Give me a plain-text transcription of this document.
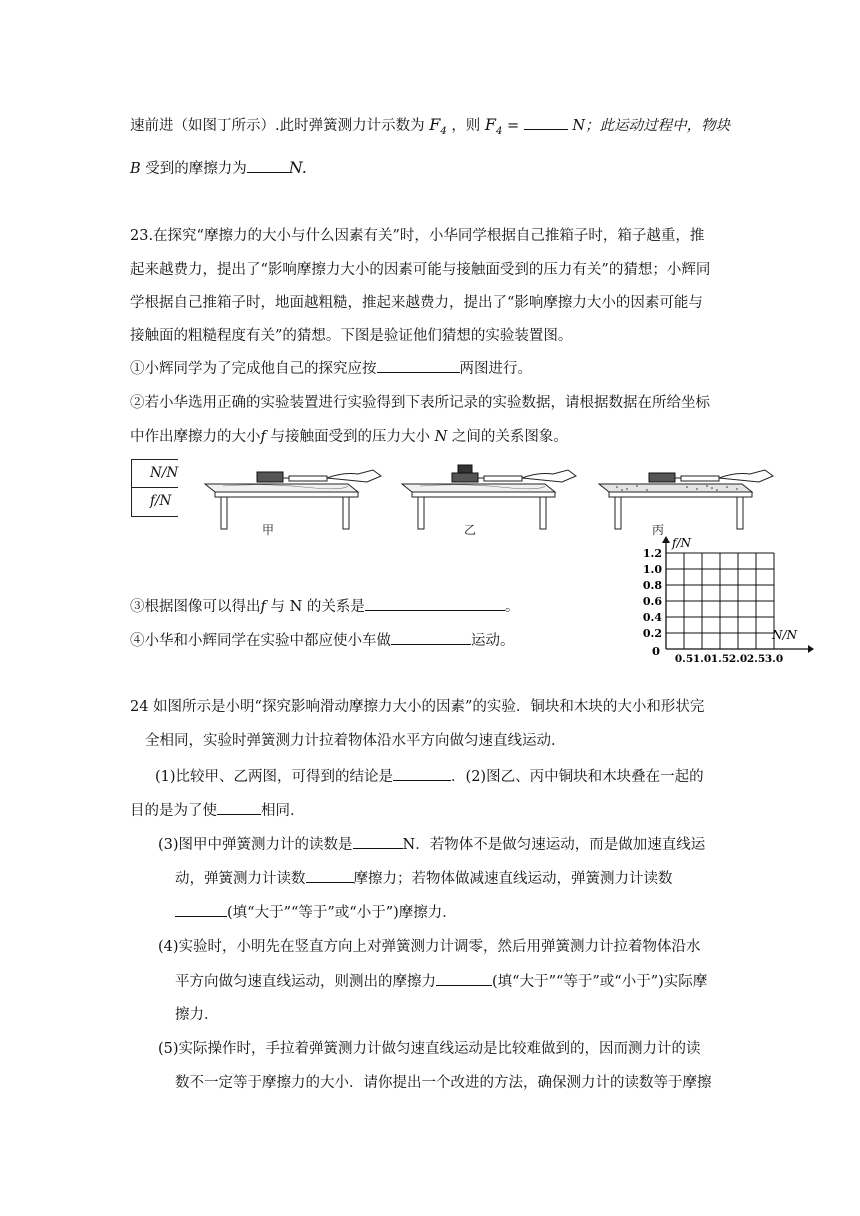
速前进（如图丁所示）.此时弹簧测力计示数为 $F_4$ ，则 $F_4$ =	N；此运动过程中，物块
B 受到的摩擦力为	N.
23.在探究“摩擦力的大小与什么因素有关”时，小华同学根据自己推箱子时，箱子越重，推
起来越费力，提出了“影响摩擦力大小的因素可能与接触面受到的压力有关”的猜想；小辉同
学根据自己推箱子时，地面越粗糙，推起来越费力，提出了“影响摩擦力大小的因素可能与
接触面的粗糙程度有关”的猜想。下图是验证他们猜想的实验装置图。
①小辉同学为了完成他自己的探究应按	两图进行。
②若小华选用正确的实验装置进行实验得到下表所记录的实验数据，请根据数据在所给坐标
中作出摩擦力的大小f 与接触面受到的压力大小 N 之间的关系图象。
N/N
f/N
甲	乙	丙
f/N
N/N
0
0.2
0.4
0.6
0.8
1.0
1.2
0.5 1.0 1.5 2.0 2.5 3.0
③根据图像可以得出f 与 N 的关系是	。
④小华和小辉同学在实验中都应使小车做	运动。
24 如图所示是小明“探究影响滑动摩擦力大小的因素”的实验．铜块和木块的大小和形状完
全相同，实验时弹簧测力计拉着物体沿水平方向做匀速直线运动．
(1)比较甲、乙两图，可得到的结论是	．(2)图乙、丙中铜块和木块叠在一起的
目的是为了使	相同．
(3)图甲中弹簧测力计的读数是	N．若物体不是做匀速运动，而是做加速直线运
动，弹簧测力计读数	摩擦力；若物体做减速直线运动，弹簧测力计读数
(填“大于”“等于”或“小于”)摩擦力．
(4)实验时，小明先在竖直方向上对弹簧测力计调零，然后用弹簧测力计拉着物体沿水
平方向做匀速直线运动，则测出的摩擦力	(填“大于”“等于”或“小于”)实际摩
擦力．
(5)实际操作时，手拉着弹簧测力计做匀速直线运动是比较难做到的，因而测力计的读
数不一定等于摩擦力的大小．请你提出一个改进的方法，确保测力计的读数等于摩擦
